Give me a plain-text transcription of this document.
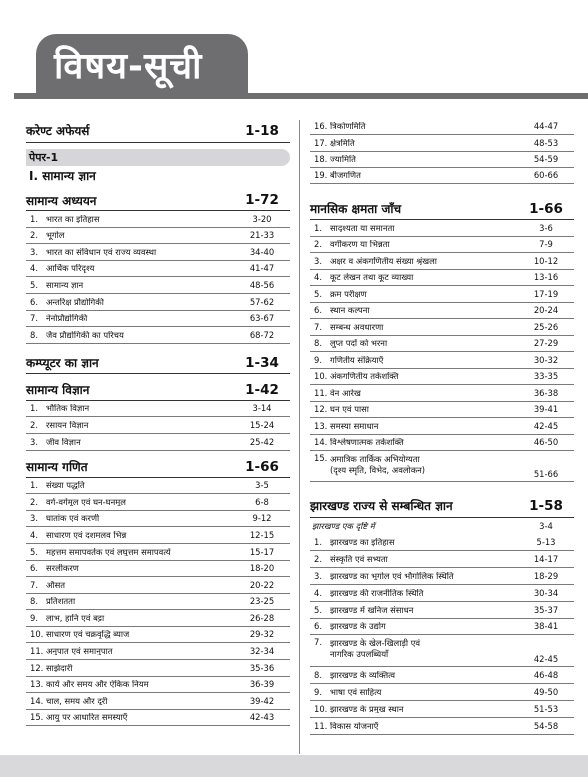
विषय-सूची
करेण्ट अफेयर्स	1-18
पेपर-1
I. सामान्य ज्ञान
सामान्य अध्ययन	1-72
1. भारत का इतिहास	3-20
2. भूगोल	21-33
3. भारत का संविधान एवं राज्य व्यवस्था	34-40
4. आर्थिक परिदृश्य	41-47
5. सामान्य ज्ञान	48-56
6. अन्तरिक्ष प्रौद्योगिकी	57-62
7. नेनोप्रौद्योगिकी	63-67
8. जैव प्रौद्योगिकी का परिचय	68-72
कम्प्यूटर का ज्ञान	1-34
सामान्य विज्ञान	1-42
1. भौतिक विज्ञान	3-14
2. रसायन विज्ञान	15-24
3. जीव विज्ञान	25-42
सामान्य गणित	1-66
1. संख्या पद्धति	3-5
2. वर्ग-वर्गमूल एवं घन-घनमूल	6-8
3. घातांक एवं करणी	9-12
4. साधारण एवं दशमलव भिन्न	12-15
5. महत्तम समापवर्तक एवं लघुत्तम समापवर्त्य	15-17
6. सरलीकरण	18-20
7. औसत	20-22
8. प्रतिशतता	23-25
9. लाभ, हानि एवं बट्टा	26-28
10. साधारण एवं चक्रवृद्धि ब्याज	29-32
11. अनुपात एवं समानुपात	32-34
12. साझेदारी	35-36
13. कार्य और समय और ऐकिक नियम	36-39
14. चाल, समय और दूरी	39-42
15. आयु पर आधारित समस्याएँ	42-43
16. त्रिकोणमिति	44-47
17. क्षेत्रमिति	48-53
18. ज्यामिति	54-59
19. बीजगणित	60-66
मानसिक क्षमता जाँच	1-66
1. सादृश्यता या समानता	3-6
2. वर्गीकरण या भिन्नता	7-9
3. अक्षर व अंकगणितीय संख्या श्रृंखला	10-12
4. कूट लेखन तथा कूट व्याख्या	13-16
5. क्रम परीक्षण	17-19
6. स्थान कल्पना	20-24
7. सम्बन्ध अवधारणा	25-26
8. लुप्त पदों को भरना	27-29
9. गणितीय संक्रियाएँ	30-32
10. अंकगणितीय तर्कशक्ति	33-35
11. वेन आरेख	36-38
12. घन एवं पासा	39-41
13. समस्या समाधान	42-45
14. विश्लेषणात्मक तर्कशक्ति	46-50
15. अमात्रिक तार्किक अभियोग्यता
(दृश्य स्मृति, विभेद, अवलोकन)	51-66
झारखण्ड राज्य से सम्बन्धित ज्ञान	1-58
झारखण्ड एक दृष्टि में	3-4
1. झारखण्ड का इतिहास	5-13
2. संस्कृति एवं सभ्यता	14-17
3. झारखण्ड का भूगोल एवं भौगोलिक स्थिति	18-29
4. झारखण्ड की राजनीतिक स्थिति	30-34
5. झारखण्ड में खनिज संसाधन	35-37
6. झारखण्ड के उद्योग	38-41
7. झारखण्ड के खेल-खिलाड़ी एवं
नागरिक उपलब्धियाँ	42-45
8. झारखण्ड के व्यक्तित्व	46-48
9. भाषा एवं साहित्य	49-50
10. झारखण्ड के प्रमुख स्थान	51-53
11. विकास योजनाएँ	54-58
